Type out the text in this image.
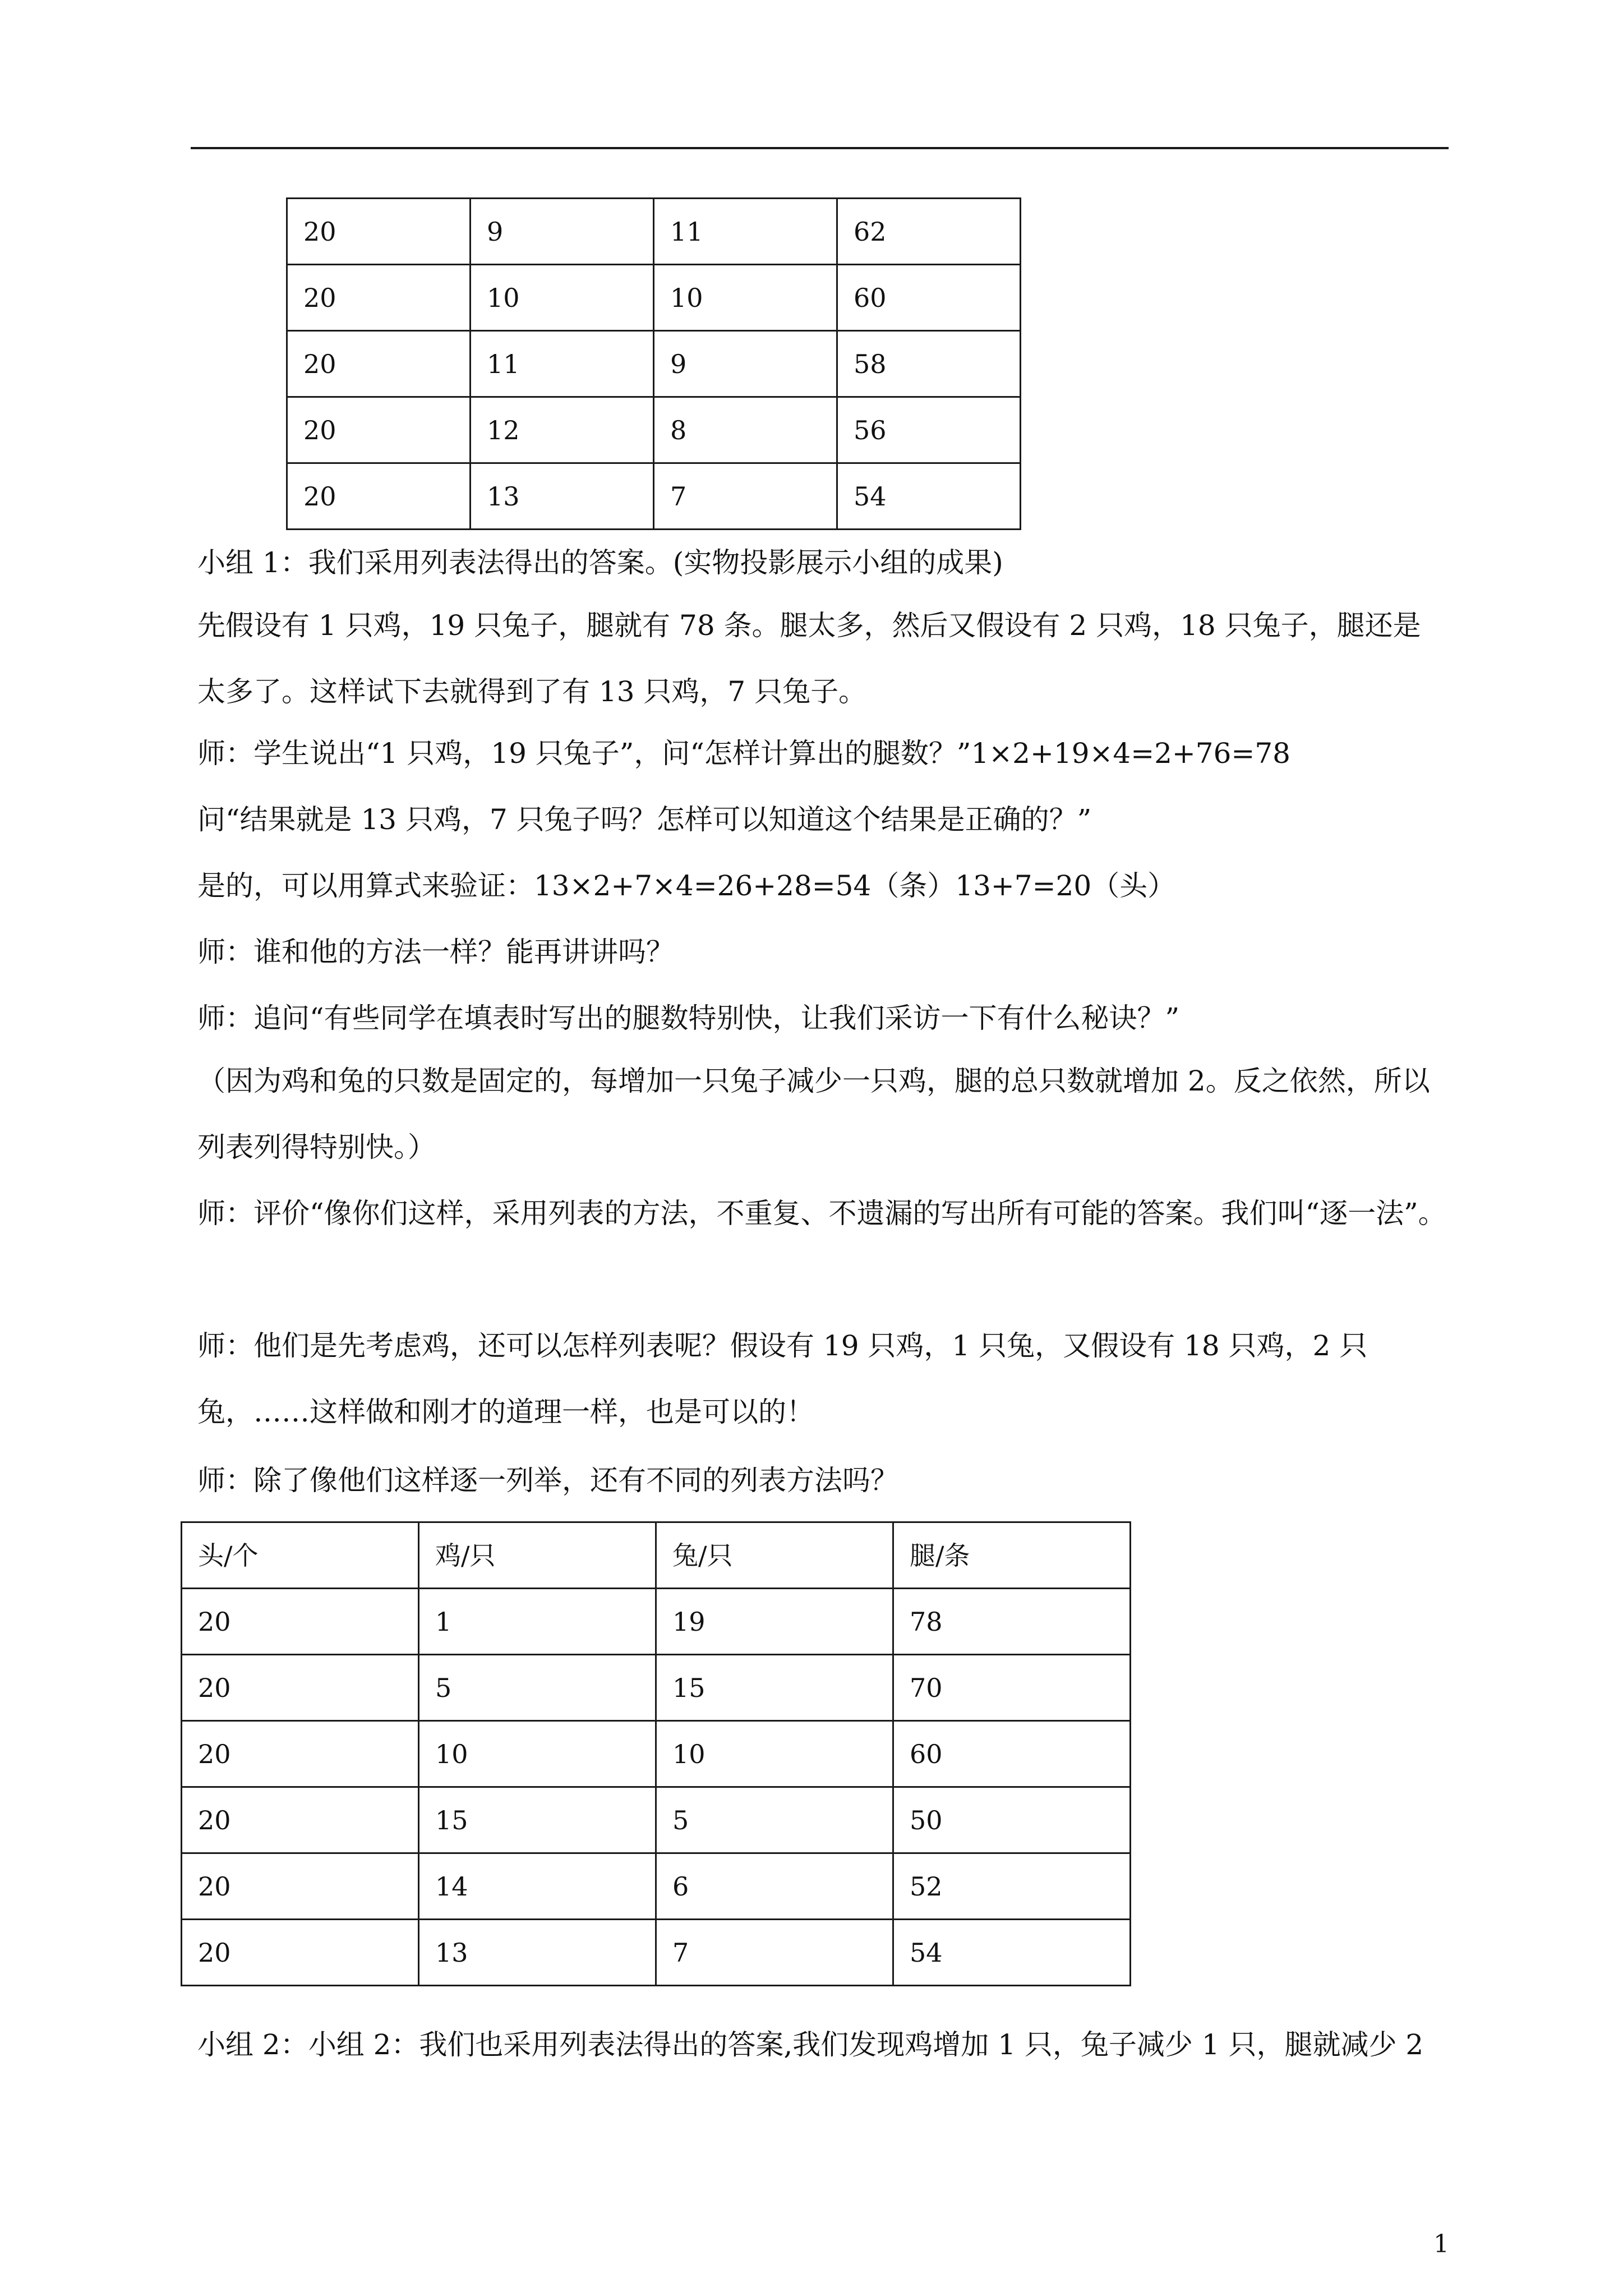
20	9	11	62
20	10	10	60
20	11	9	58
20	12	8	56
20	13	7	54
小组 1：我们采用列表法得出的答案。(实物投影展示小组的成果)
先假设有 1 只鸡，19 只兔子，腿就有 78 条。腿太多，然后又假设有 2 只鸡，18 只兔子，腿还是太多了。这样试下去就得到了有 13 只鸡，7 只兔子。
师：学生说出“1 只鸡，19 只兔子”，问“怎样计算出的腿数？”1×2+19×4=2+76=78
问“结果就是 13 只鸡，7 只兔子吗？怎样可以知道这个结果是正确的？”
是的，可以用算式来验证：13×2+7×4=26+28=54（条）13+7=20（头）
师：谁和他的方法一样？能再讲讲吗？
师：追问“有些同学在填表时写出的腿数特别快，让我们采访一下有什么秘诀？”
（因为鸡和兔的只数是固定的，每增加一只兔子减少一只鸡，腿的总只数就增加 2。反之依然，所以列表列得特别快。）
师：评价“像你们这样，采用列表的方法，不重复、不遗漏的写出所有可能的答案。我们叫“逐一法”。
师：他们是先考虑鸡，还可以怎样列表呢？假设有 19 只鸡，1 只兔，又假设有 18 只鸡，2 只兔，……这样做和刚才的道理一样，也是可以的！
师：除了像他们这样逐一列举，还有不同的列表方法吗？
头/个	鸡/只	兔/只	腿/条
20	1	19	78
20	5	15	70
20	10	10	60
20	15	5	50
20	14	6	52
20	13	7	54
小组 2：小组 2：我们也采用列表法得出的答案,我们发现鸡增加 1 只，兔子减少 1 只，腿就减少 2
1
